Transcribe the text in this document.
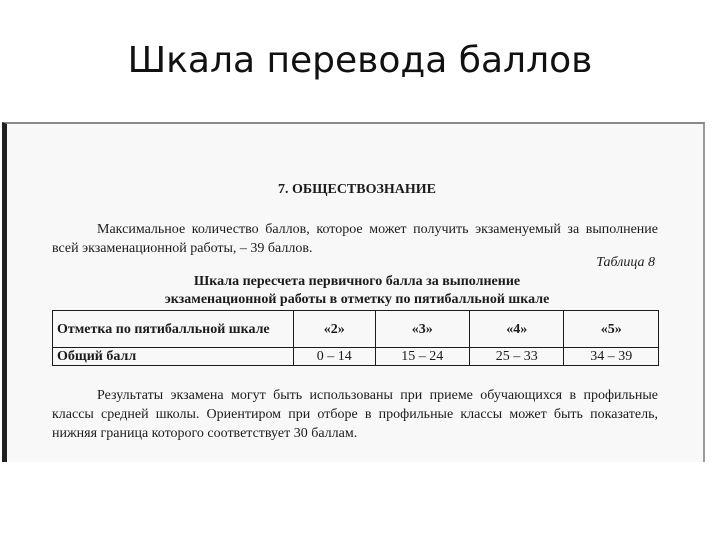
Шкала перевода баллов
7. ОБЩЕСТВОЗНАНИЕ
Максимальное количество баллов, которое может получить экзаменуемый за выполнение всей экзаменационной работы, – 39 баллов.
Таблица 8
Шкала пересчета первичного балла за выполнение
экзаменационной работы в отметку по пятибалльной шкале
Отметка по пятибалльной шкале	«2»	«3»	«4»	«5»
Общий балл	0 – 14	15 – 24	25 – 33	34 – 39
Результаты экзамена могут быть использованы при приеме обучающихся в профильные классы средней школы. Ориентиром при отборе в профильные классы может быть показатель, нижняя граница которого соответствует 30 баллам.
